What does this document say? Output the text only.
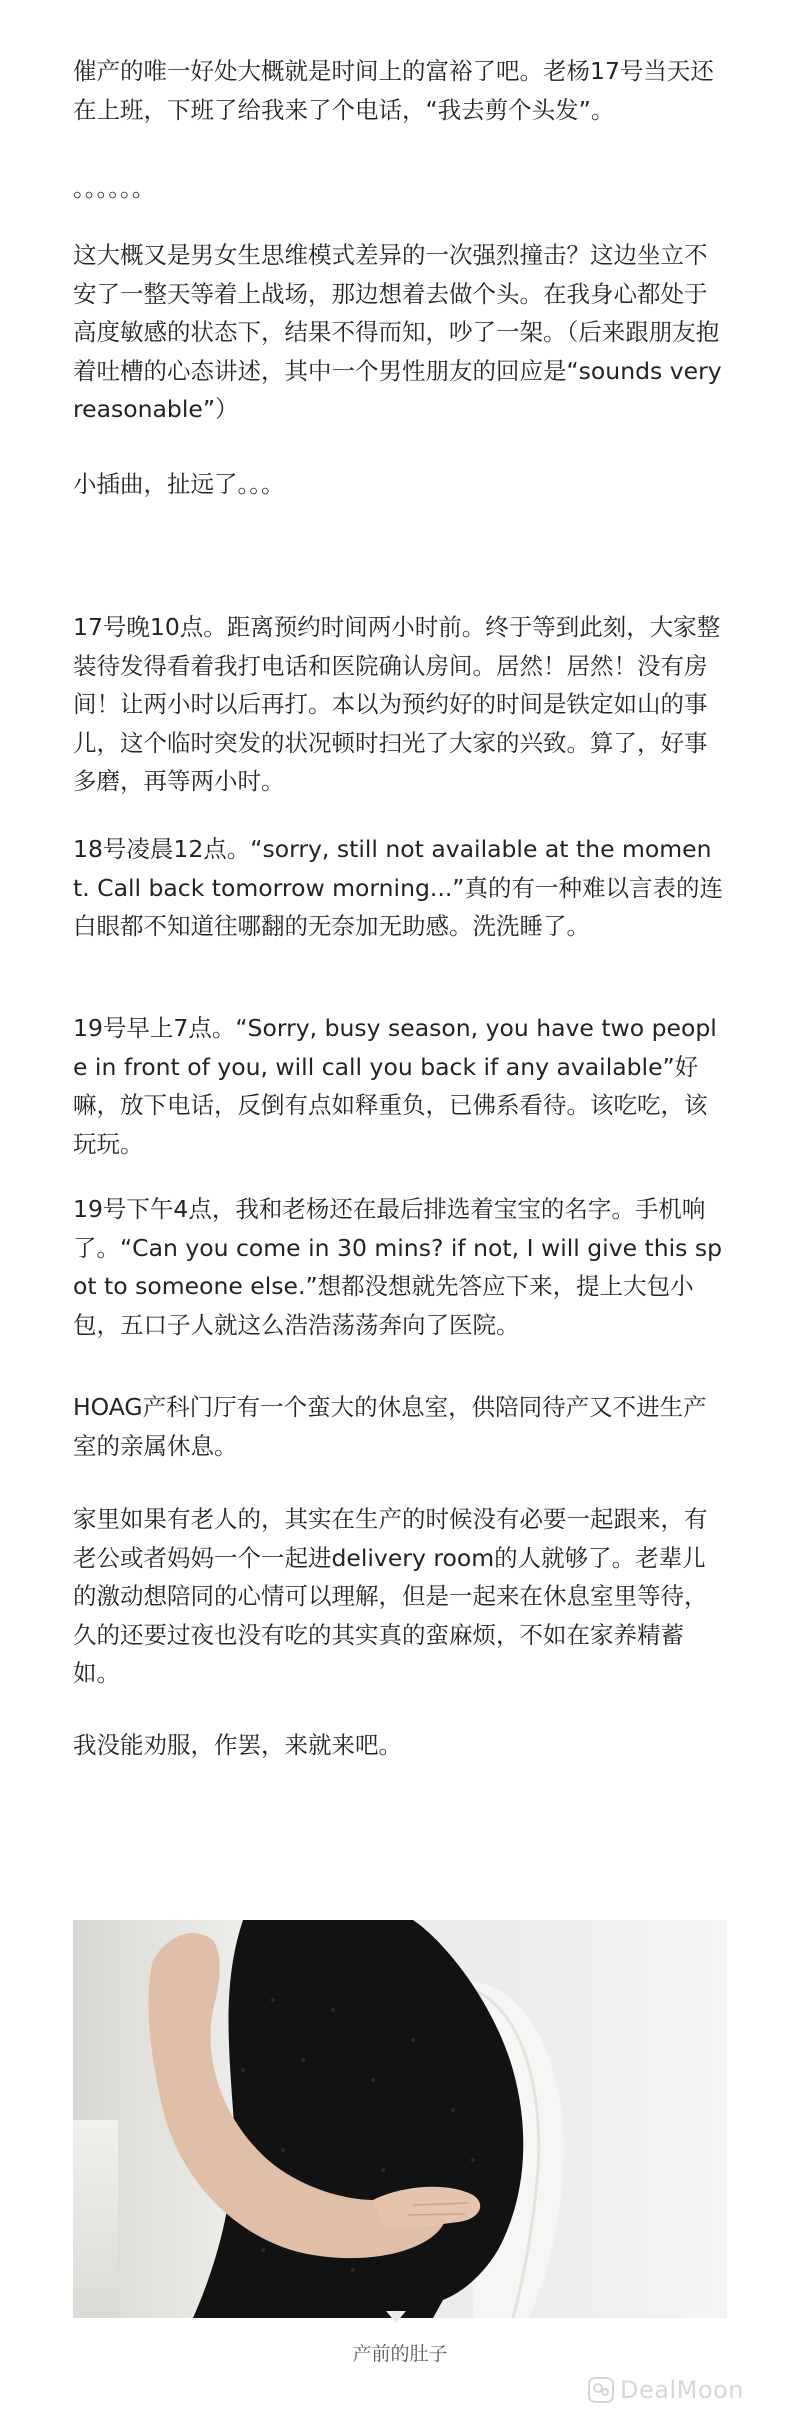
催产的唯一好处大概就是时间上的富裕了吧。老杨17号当天还在上班，下班了给我来了个电话，“我去剪个头发”。

。。。。。。

这大概又是男女生思维模式差异的一次强烈撞击？这边坐立不安了一整天等着上战场，那边想着去做个头。在我身心都处于高度敏感的状态下，结果不得而知，吵了一架。（后来跟朋友抱着吐槽的心态讲述，其中一个男性朋友的回应是“sounds very reasonable”）

小插曲，扯远了。。。

17号晚10点。距离预约时间两小时前。终于等到此刻，大家整装待发得看着我打电话和医院确认房间。居然！居然！没有房间！让两小时以后再打。本以为预约好的时间是铁定如山的事儿，这个临时突发的状况顿时扫光了大家的兴致。算了，好事多磨，再等两小时。

18号凌晨12点。“sorry, still not available at the moment. Call back tomorrow morning...”真的有一种难以言表的连白眼都不知道往哪翻的无奈加无助感。洗洗睡了。

19号早上7点。“Sorry, busy season, you have two people in front of you, will call you back if any available”好嘛，放下电话，反倒有点如释重负，已佛系看待。该吃吃，该玩玩。

19号下午4点，我和老杨还在最后排选着宝宝的名字。手机响了。“Can you come in 30 mins? if not, I will give this spot to someone else.”想都没想就先答应下来，提上大包小包，五口子人就这么浩浩荡荡奔向了医院。

HOAG产科门厅有一个蛮大的休息室，供陪同待产又不进生产室的亲属休息。

家里如果有老人的，其实在生产的时候没有必要一起跟来，有老公或者妈妈一个一起进delivery room的人就够了。老辈儿的激动想陪同的心情可以理解，但是一起来在休息室里等待，久的还要过夜也没有吃的其实真的蛮麻烦，不如在家养精蓄如。

我没能劝服，作罢，来就来吧。

产前的肚子
DealMoon
